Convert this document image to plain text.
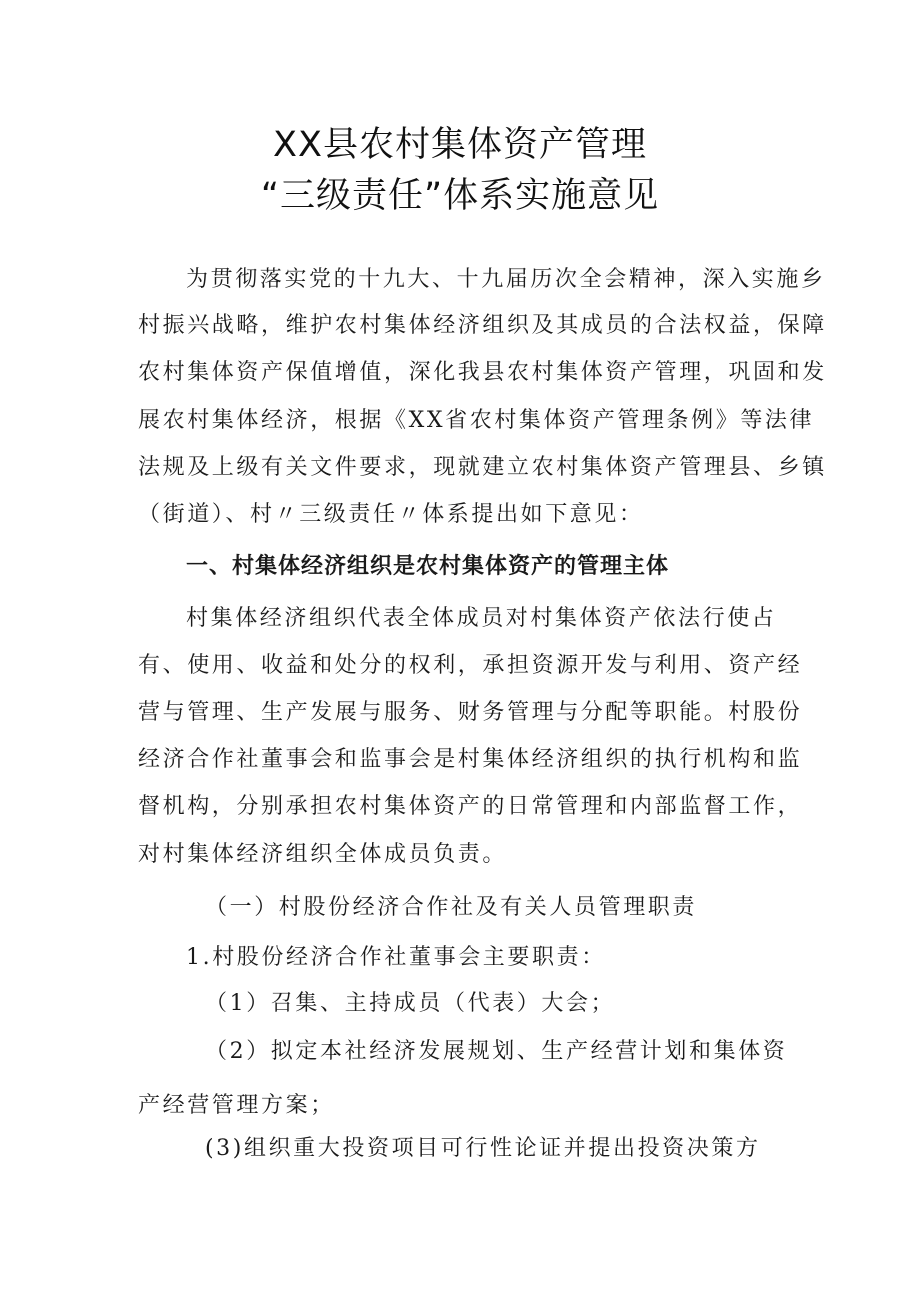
XX县农村集体资产管理
“三级责任”体系实施意见
为贯彻落实党的十九大、十九届历次全会精神，深入实施乡
村振兴战略，维护农村集体经济组织及其成员的合法权益，保障
农村集体资产保值增值，深化我县农村集体资产管理，巩固和发
展农村集体经济，根据《XX省农村集体资产管理条例》等法律
法规及上级有关文件要求，现就建立农村集体资产管理县、乡镇
（街道）、村〃三级责任〃体系提出如下意见：
一、村集体经济组织是农村集体资产的管理主体
村集体经济组织代表全体成员对村集体资产依法行使占
有、使用、收益和处分的权利，承担资源开发与利用、资产经
营与管理、生产发展与服务、财务管理与分配等职能。村股份
经济合作社董事会和监事会是村集体经济组织的执行机构和监
督机构，分别承担农村集体资产的日常管理和内部监督工作，
对村集体经济组织全体成员负责。
（一）村股份经济合作社及有关人员管理职责
1.村股份经济合作社董事会主要职责：
（1）召集、主持成员（代表）大会；
（2）拟定本社经济发展规划、生产经营计划和集体资
产经营管理方案；
(3)组织重大投资项目可行性论证并提出投资决策方
